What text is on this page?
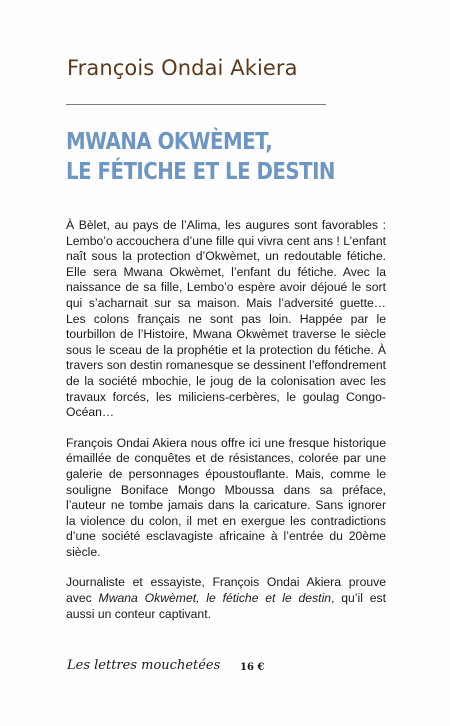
François Ondai Akiera
MWANA OKWÈMET,
LE FÉTICHE ET LE DESTIN

À Bèlet, au pays de l’Alima, les augures sont favorables : Lembo’o accouchera d’une fille qui vivra cent ans ! L’enfant naît sous la protection d’Okwèmet, un redoutable fétiche. Elle sera Mwana Okwèmet, l’enfant du fétiche. Avec la naissance de sa fille, Lembo’o espère avoir déjoué le sort qui s’acharnait sur sa maison. Mais l’adversité guette… Les colons français ne sont pas loin. Happée par le tourbillon de l’Histoire, Mwana Okwèmet traverse le siècle sous le sceau de la prophétie et la protection du fétiche. À travers son destin romanesque se dessinent l’effondrement de la société mbochie, le joug de la colonisation avec les travaux forcés, les miliciens-cerbères, le goulag Congo-Océan…

François Ondai Akiera nous offre ici une fresque historique émaillée de conquêtes et de résistances, colorée par une galerie de personnages époustouflante. Mais, comme le souligne Boniface Mongo Mboussa dans sa préface, l’auteur ne tombe jamais dans la caricature. Sans ignorer la violence du colon, il met en exergue les contradictions d’une société esclavagiste africaine à l’entrée du 20ème siècle.

Journaliste et essayiste, François Ondai Akiera prouve avec Mwana Okwèmet, le fétiche et le destin, qu’il est aussi un conteur captivant.

Les lettres mouchetées 16 €
